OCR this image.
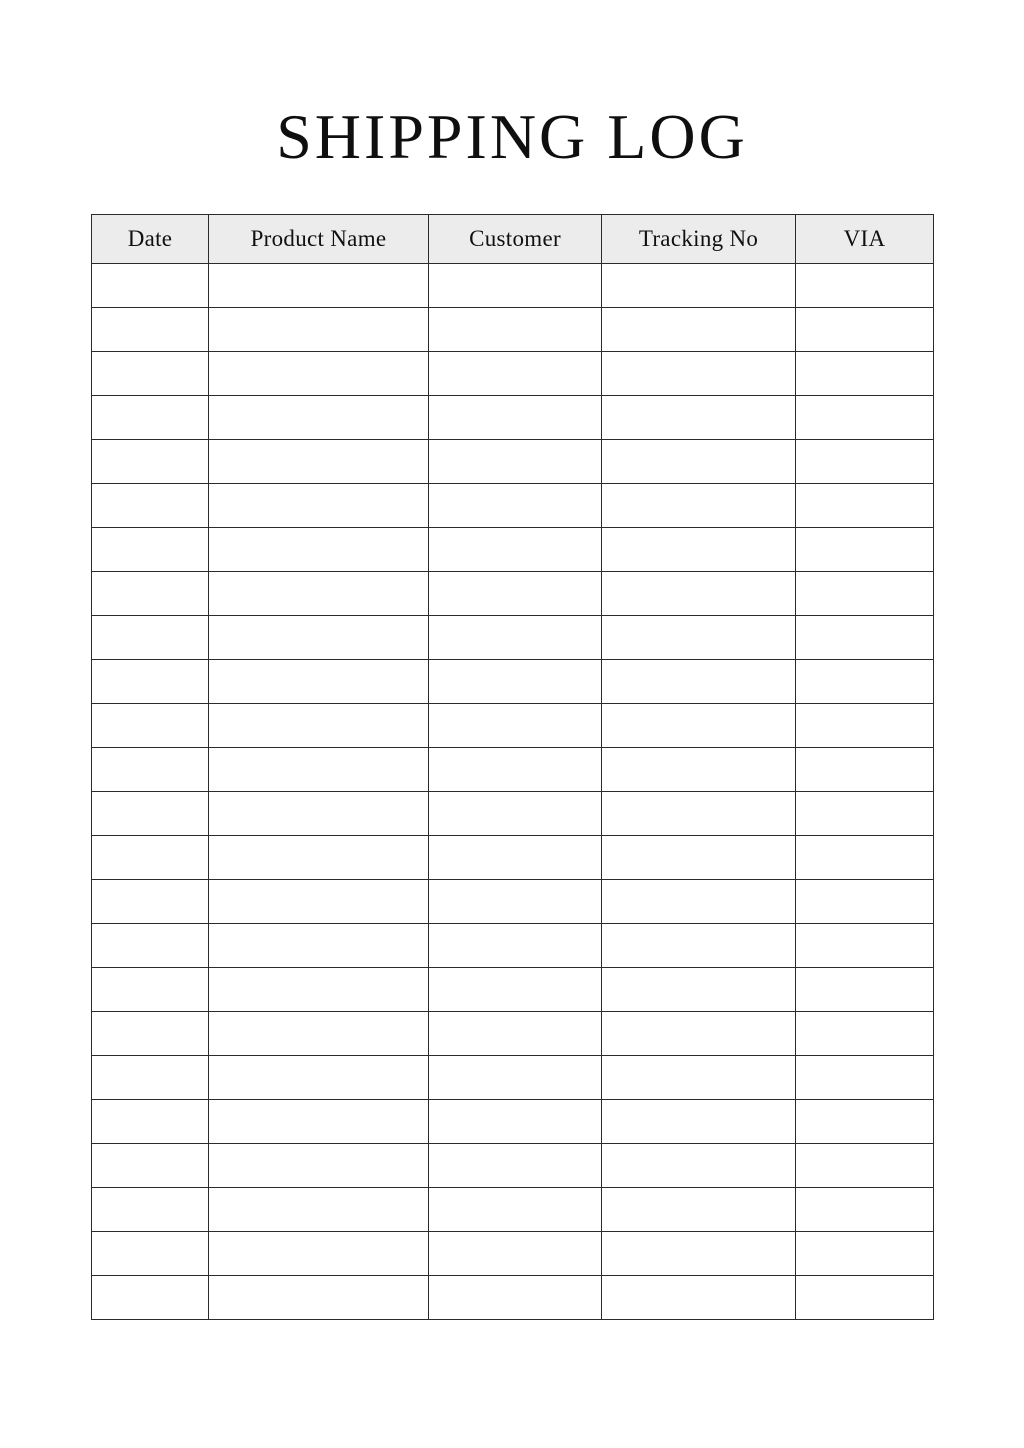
SHIPPING LOG
Date	Product Name	Customer	Tracking No	VIA
